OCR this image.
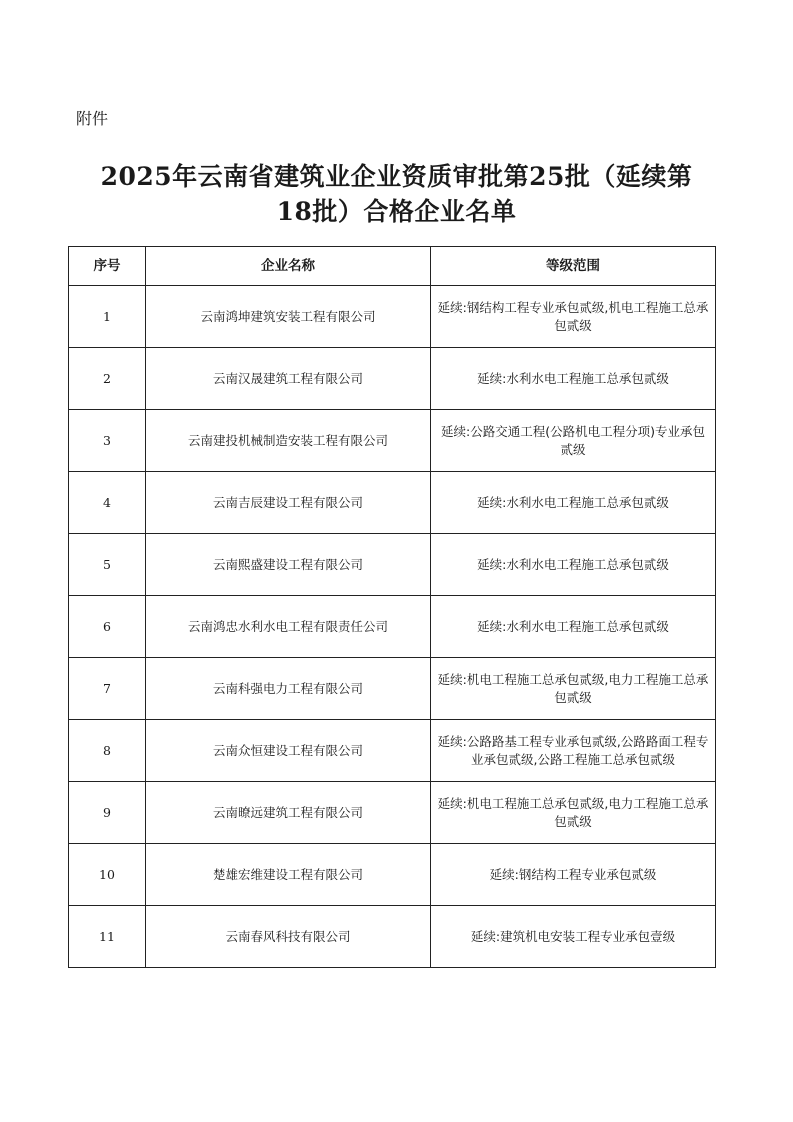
附件
2025年云南省建筑业企业资质审批第25批（延续第
18批）合格企业名单
序号	企业名称	等级范围
1	云南鸿坤建筑安装工程有限公司	延续:钢结构工程专业承包贰级,机电工程施工总承包贰级
2	云南汉晟建筑工程有限公司	延续:水利水电工程施工总承包贰级
3	云南建投机械制造安装工程有限公司	延续:公路交通工程(公路机电工程分项)专业承包贰级
4	云南吉辰建设工程有限公司	延续:水利水电工程施工总承包贰级
5	云南熙盛建设工程有限公司	延续:水利水电工程施工总承包贰级
6	云南鸿忠水利水电工程有限责任公司	延续:水利水电工程施工总承包贰级
7	云南科强电力工程有限公司	延续:机电工程施工总承包贰级,电力工程施工总承包贰级
8	云南众恒建设工程有限公司	延续:公路路基工程专业承包贰级,公路路面工程专业承包贰级,公路工程施工总承包贰级
9	云南暸远建筑工程有限公司	延续:机电工程施工总承包贰级,电力工程施工总承包贰级
10	楚雄宏维建设工程有限公司	延续:钢结构工程专业承包贰级
11	云南春风科技有限公司	延续:建筑机电安装工程专业承包壹级
